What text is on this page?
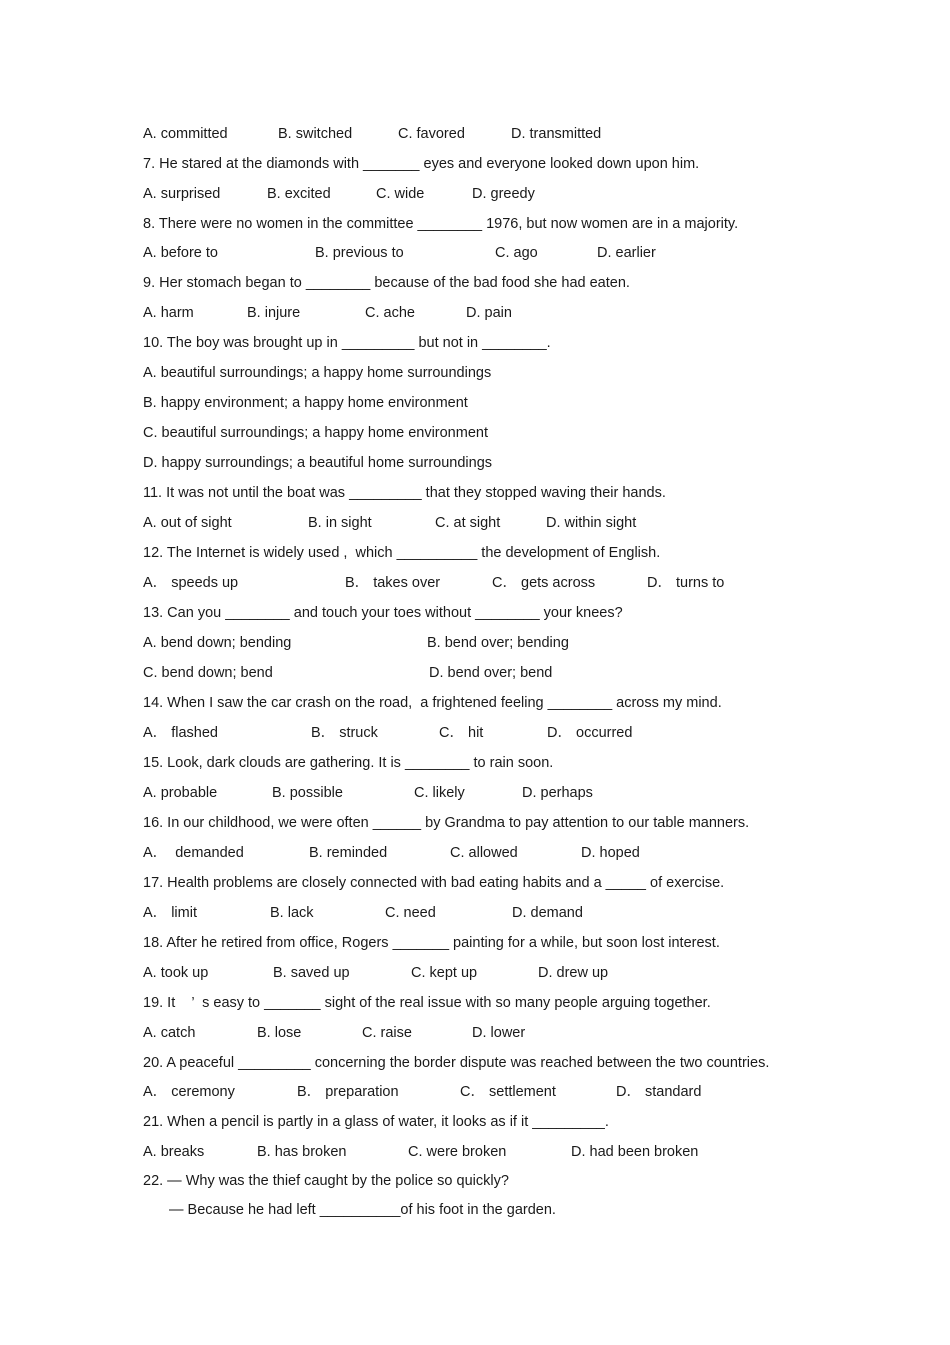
A. committed	B. switched	C. favored	D. transmitted
7. He stared at the diamonds with _______ eyes and everyone looked down upon him.
A. surprised	B. excited	C. wide	D. greedy
8. There were no women in the committee ________ 1976, but now women are in a majority.
A. before to	B. previous to	C. ago	D. earlier
9. Her stomach began to ________ because of the bad food she had eaten.
A. harm	B. injure	C. ache	D. pain
10. The boy was brought up in _________ but not in ________.
A. beautiful surroundings; a happy home surroundings
B. happy environment; a happy home environment
C. beautiful surroundings; a happy home environment
D. happy surroundings; a beautiful home surroundings
11. It was not until the boat was _________ that they stopped waving their hands.
A. out of sight	B. in sight	C. at sight	D. within sight
12. The Internet is widely used ,  which __________ the development of English.
A． speeds up	B． takes over	C． gets across	D． turns to
13. Can you ________ and touch your toes without ________ your knees?
A. bend down; bending	B. bend over; bending
C. bend down; bend	D. bend over; bend
14. When I saw the car crash on the road,  a frightened feeling ________ across my mind.
A． flashed	B． struck	C． hit	D． occurred
15. Look, dark clouds are gathering. It is ________ to rain soon.
A. probable	B. possible	C. likely	D. perhaps
16. In our childhood, we were often ______ by Grandma to pay attention to our table manners.
A．  demanded	B. reminded	C. allowed	D. hoped
17. Health problems are closely connected with bad eating habits and a _____ of exercise.
A． limit	B. lack	C. need	D. demand
18. After he retired from office, Rogers _______ painting for a while, but soon lost interest.
A. took up	B. saved up	C. kept up	D. drew up
19. It    ’  s easy to _______ sight of the real issue with so many people arguing together.
A. catch	B. lose	C. raise	D. lower
20. A peaceful _________ concerning the border dispute was reached between the two countries.
A． ceremony	B． preparation	C． settlement	D． standard
21. When a pencil is partly in a glass of water, it looks as if it _________.
A. breaks	B. has broken	C. were broken	D. had been broken
22. — Why was the thief caught by the police so quickly?
— Because he had left __________of his foot in the garden.
